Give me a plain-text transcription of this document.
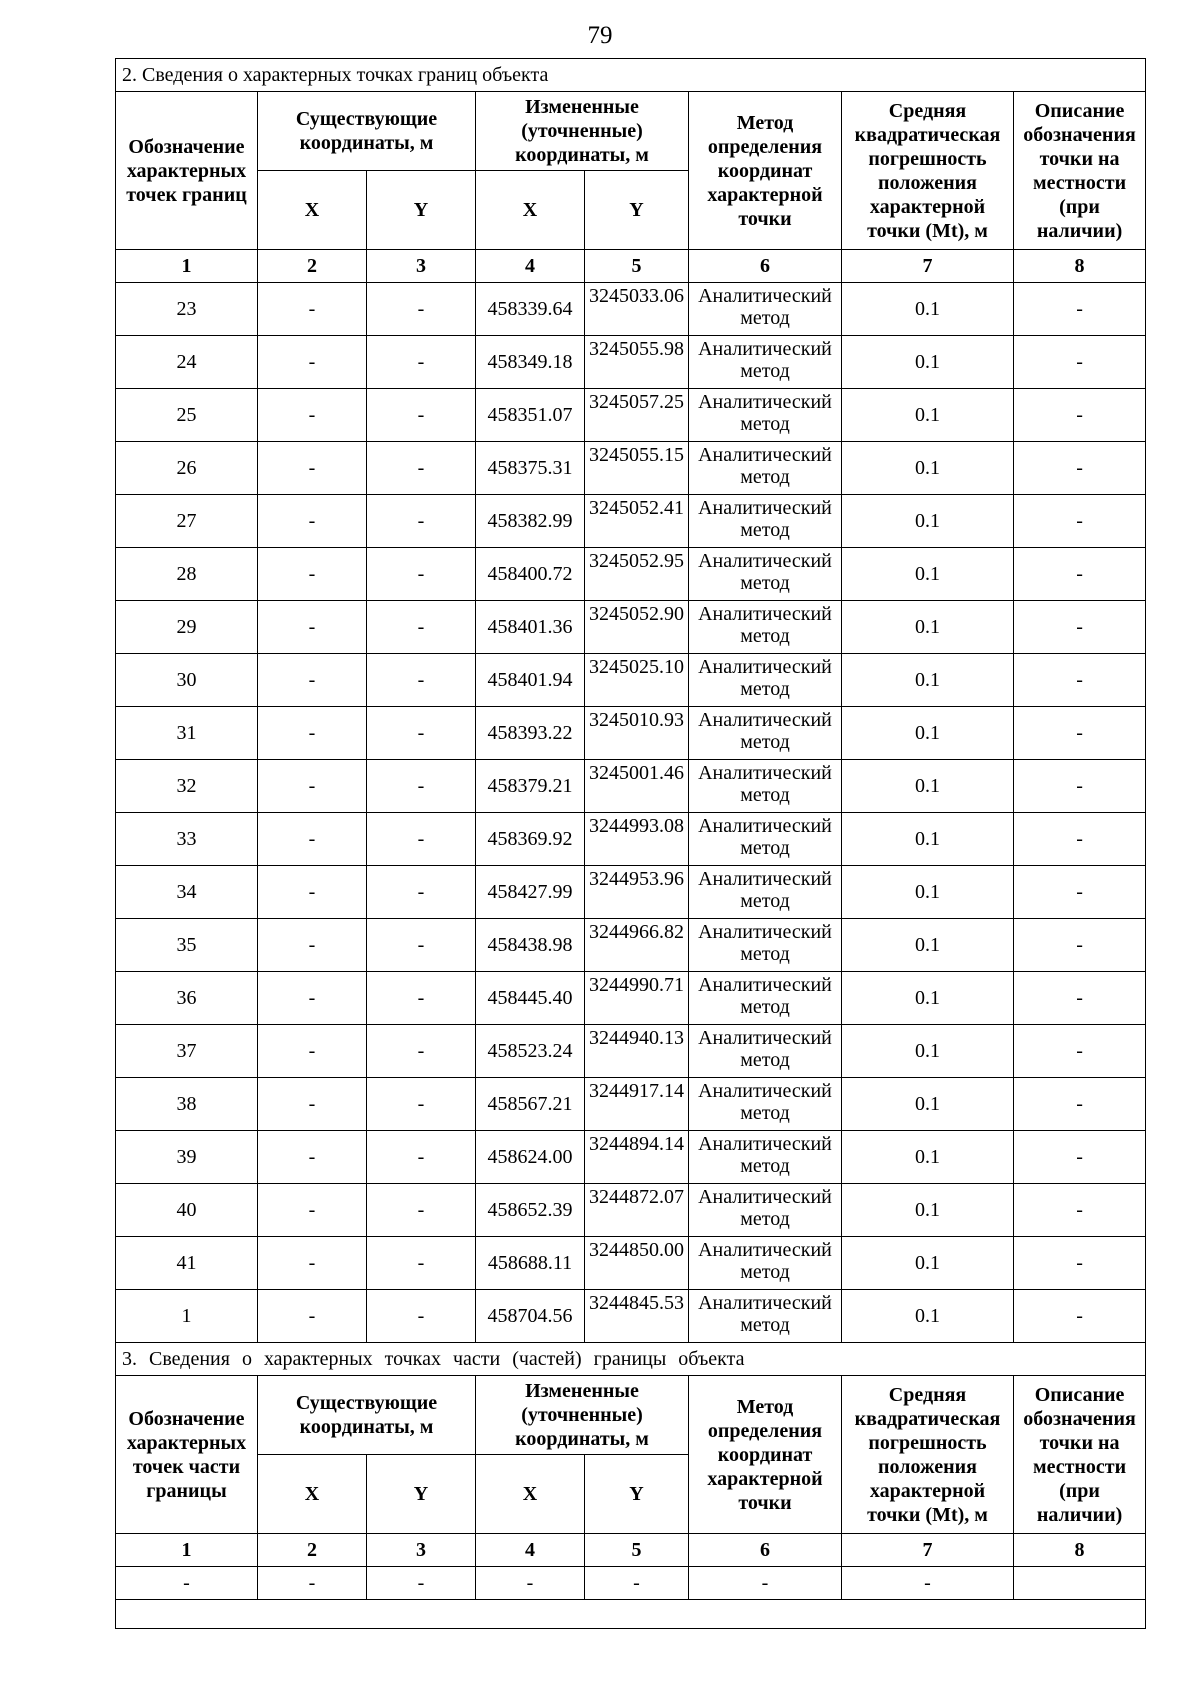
79
2. Сведения о характерных точках границ объекта							
Обозначение характерных точек границ	Существующие координаты, м		Измененные (уточненные) координаты, м		Метод определения координат характерной точки	Средняя квадратическая погрешность положения характерной точки (Mt), м	Описание обозначения точки на местности (при наличии)
	X	Y	X	Y			
1	2	3	4	5	6	7	8
23	-	-	458339.64	3245033.06	Аналитический метод	0.1	-
24	-	-	458349.18	3245055.98	Аналитический метод	0.1	-
25	-	-	458351.07	3245057.25	Аналитический метод	0.1	-
26	-	-	458375.31	3245055.15	Аналитический метод	0.1	-
27	-	-	458382.99	3245052.41	Аналитический метод	0.1	-
28	-	-	458400.72	3245052.95	Аналитический метод	0.1	-
29	-	-	458401.36	3245052.90	Аналитический метод	0.1	-
30	-	-	458401.94	3245025.10	Аналитический метод	0.1	-
31	-	-	458393.22	3245010.93	Аналитический метод	0.1	-
32	-	-	458379.21	3245001.46	Аналитический метод	0.1	-
33	-	-	458369.92	3244993.08	Аналитический метод	0.1	-
34	-	-	458427.99	3244953.96	Аналитический метод	0.1	-
35	-	-	458438.98	3244966.82	Аналитический метод	0.1	-
36	-	-	458445.40	3244990.71	Аналитический метод	0.1	-
37	-	-	458523.24	3244940.13	Аналитический метод	0.1	-
38	-	-	458567.21	3244917.14	Аналитический метод	0.1	-
39	-	-	458624.00	3244894.14	Аналитический метод	0.1	-
40	-	-	458652.39	3244872.07	Аналитический метод	0.1	-
41	-	-	458688.11	3244850.00	Аналитический метод	0.1	-
1	-	-	458704.56	3244845.53	Аналитический метод	0.1	-
3. Сведения о характерных точках части (частей) границы объекта							
Обозначение характерных точек части границы	Существующие координаты, м		Измененные (уточненные) координаты, м		Метод определения координат характерной точки	Средняя квадратическая погрешность положения характерной точки (Mt), м	Описание обозначения точки на местности (при наличии)
	X	Y	X	Y			
1	2	3	4	5	6	7	8
-	-	-	-	-	-	-	
